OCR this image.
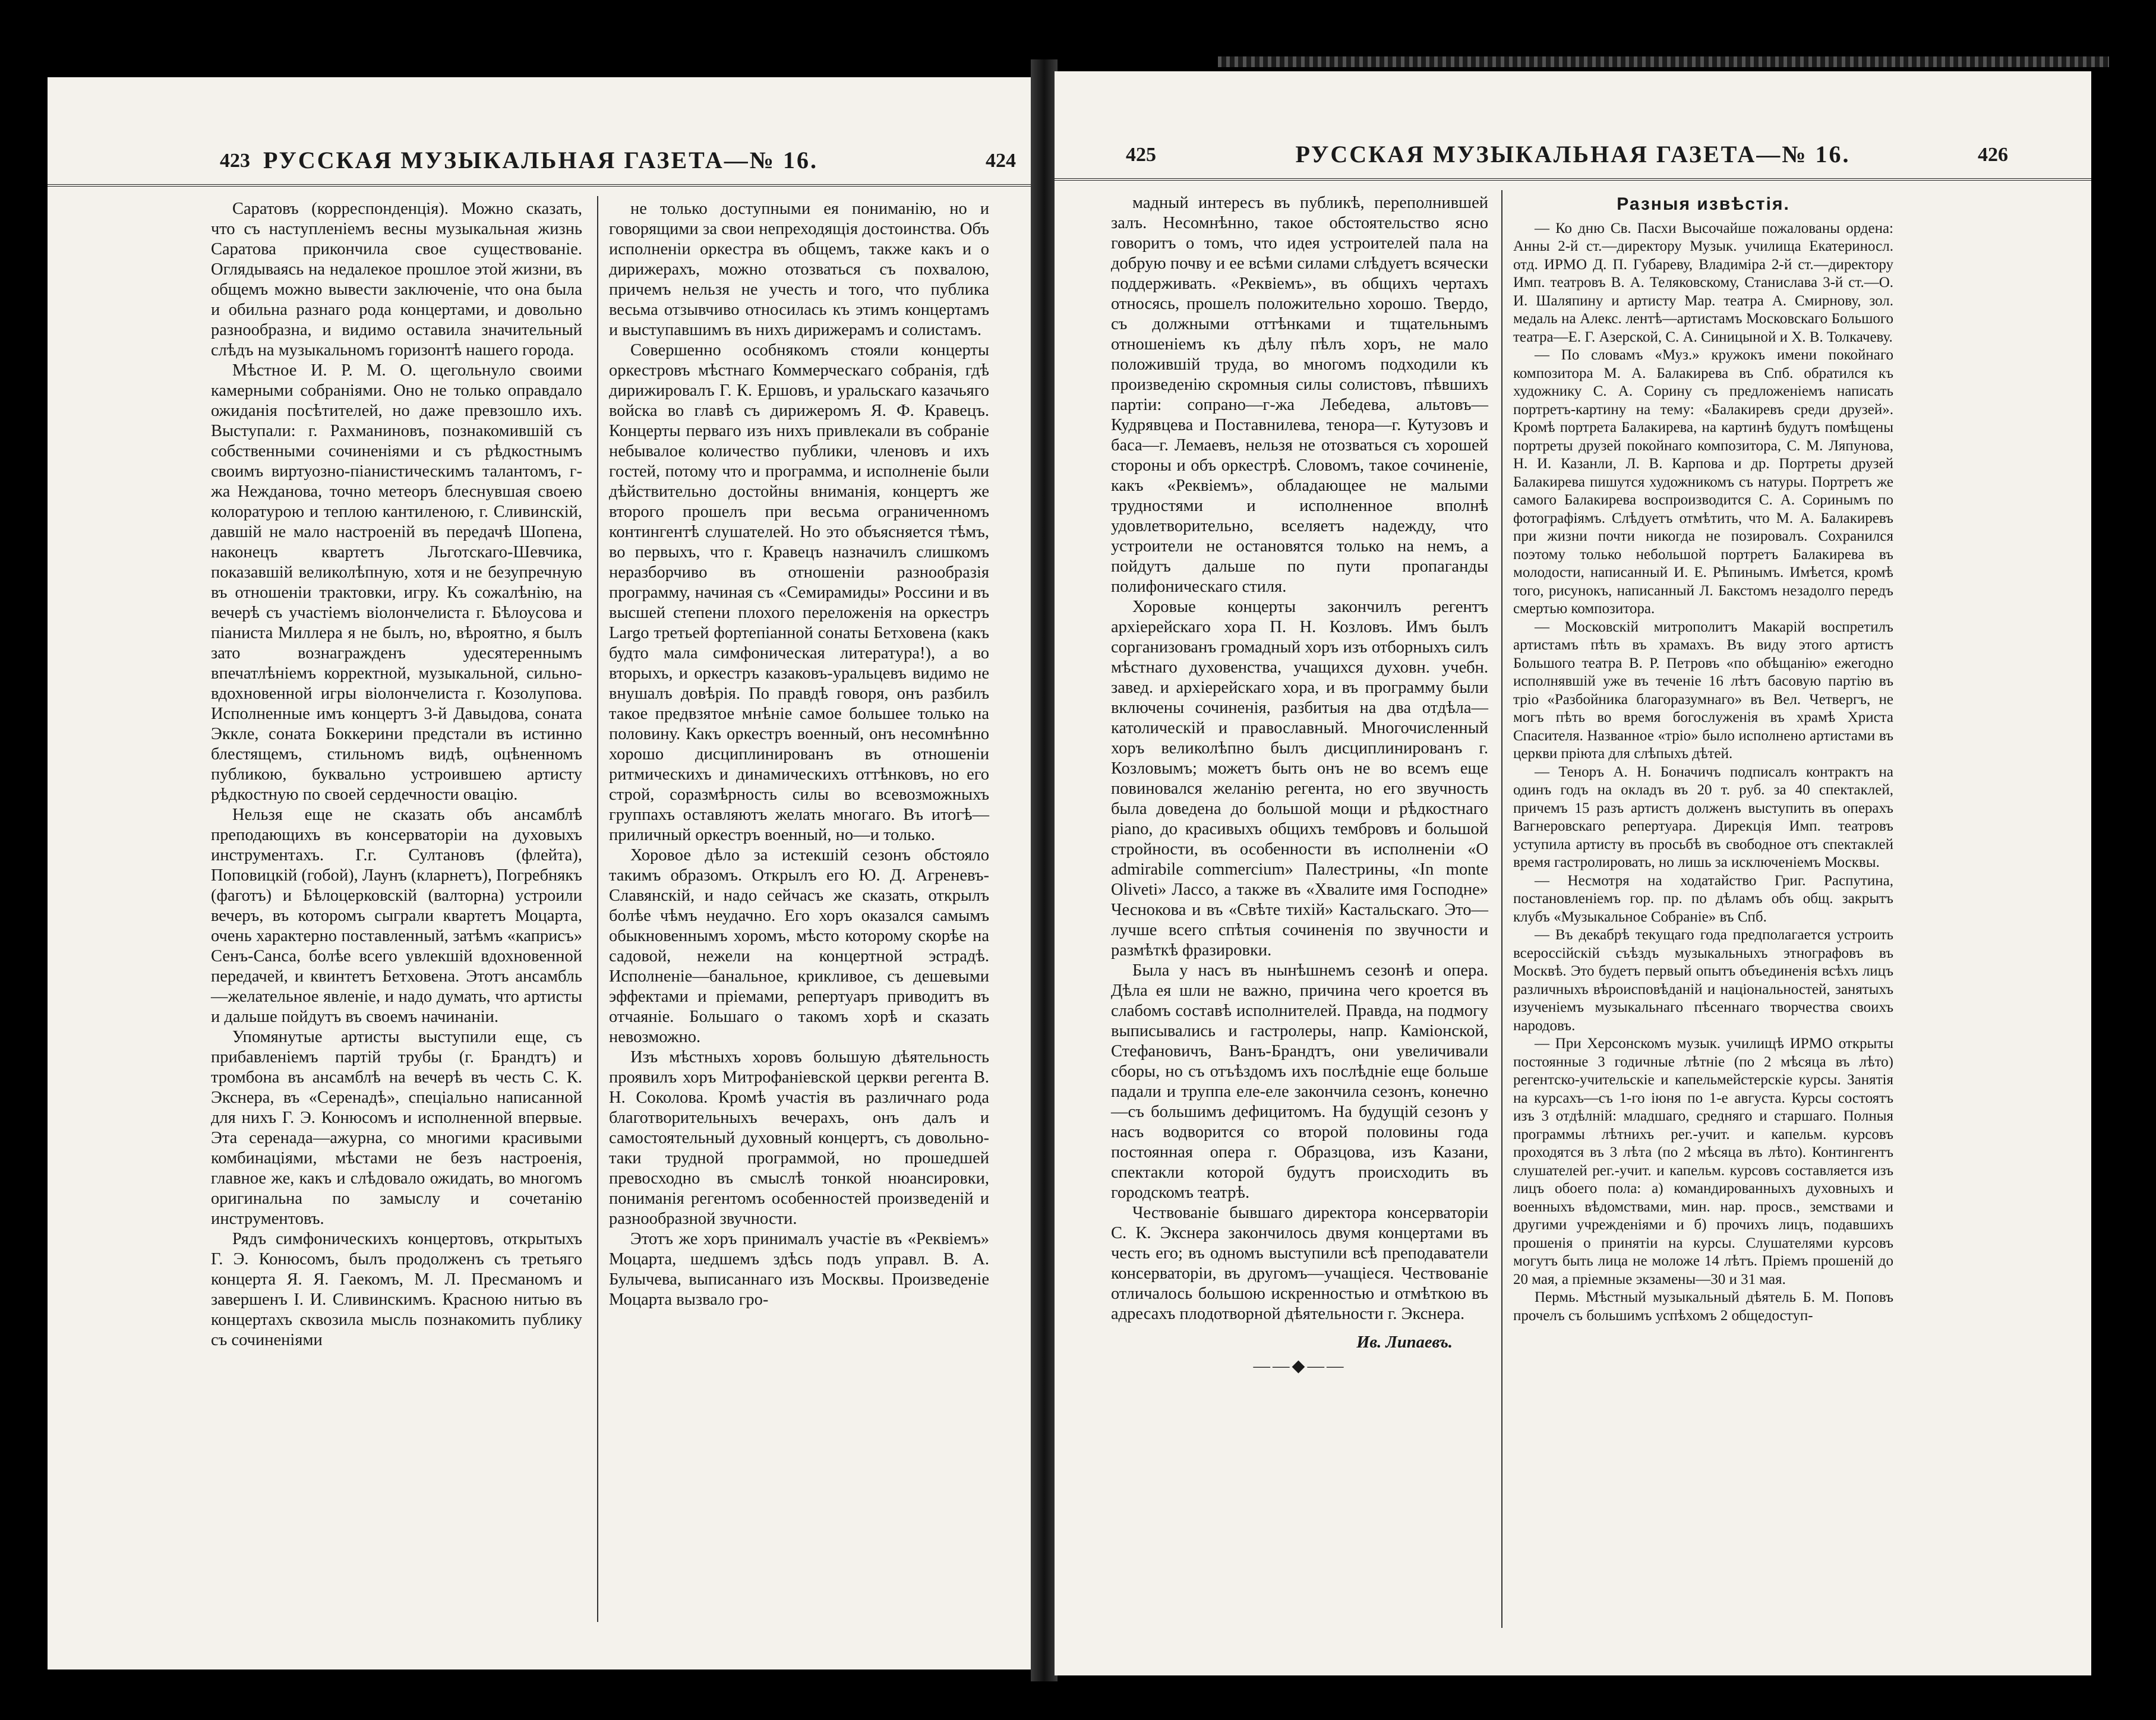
423 РУССКАЯ МУЗЫКАЛЬНАЯ ГАЗЕТА—№ 16.	424

Саратовъ (корреспонденція). Можно сказать, что съ наступленіемъ весны музыкальная жизнь Саратова прикончила свое существованіе. Оглядываясь на недалекое прошлое этой жизни, въ общемъ можно вывести заключеніе, что она была и обильна разнаго рода концертами, и довольно разнообразна, и видимо оставила значительный слѣдъ на музыкальномъ горизонтѣ нашего города.

Мѣстное И. Р. М. О. щегольнуло своими камерными собраніями. Оно не только оправдало ожиданія посѣтителей, но даже превзошло ихъ. Выступали: г. Рахманиновъ, познакомившій съ собственными сочиненіями и съ рѣдкостнымъ своимъ виртуозно-піанистическимъ талантомъ, г-жа Нежданова, точно метеоръ блеснувшая своею колоратурою и теплою кантиленою, г. Сливинскій, давшій не мало настроеній въ передачѣ Шопена, наконецъ квартетъ Льготскаго-Шевчика, показавшій великолѣпную, хотя и не безупречную въ отношеніи трактовки, игру. Къ сожалѣнію, на вечерѣ съ участіемъ віолончелиста г. Бѣлоусова и піаниста Миллера я не былъ, но, вѣроятно, я былъ зато вознагражденъ удесятереннымъ впечатлѣніемъ корректной, музыкальной, сильно-вдохновенной игры віолончелиста г. Козолупова. Исполненные имъ концертъ 3-й Давыдова, соната Эккле, соната Боккерини предстали въ истинно блестящемъ, стильномъ видѣ, оцѣненномъ публикою, буквально устроившею артисту рѣдкостную по своей сердечности овацію.

Нельзя еще не сказать объ ансамблѣ преподающихъ въ консерваторіи на духовыхъ инструментахъ. Г.г. Султановъ (флейта), Поповицкій (гобой), Лаунъ (кларнетъ), Погребнякъ (фаготъ) и Бѣлоцерковскій (валторна) устроили вечеръ, въ которомъ сыграли квартетъ Моцарта, очень характерно поставленный, затѣмъ «каприсъ» Сенъ-Санса, болѣе всего увлекшій вдохновенной передачей, и квинтетъ Бетховена. Этотъ ансамбль—желательное явленіе, и надо думать, что артисты и дальше пойдутъ въ своемъ начинаніи.

Упомянутые артисты выступили еще, съ прибавленіемъ партій трубы (г. Брандтъ) и тромбона въ ансамблѣ на вечерѣ въ честь С. К. Экснера, въ «Серенадѣ», спеціально написанной для нихъ Г. Э. Конюсомъ и исполненной впервые. Эта серенада—ажурна, со многими красивыми комбинаціями, мѣстами не безъ настроенія, главное же, какъ и слѣдовало ожидать, во многомъ оригинальна по замыслу и сочетанію инструментовъ.

Рядъ симфоническихъ концертовъ, открытыхъ Г. Э. Конюсомъ, былъ продолженъ съ третьяго концерта Я. Я. Гаекомъ, М. Л. Пресманомъ и завершенъ І. И. Сливинскимъ. Красною нитью въ концертахъ сквозила мысль познакомить публику съ сочиненіями

не только доступными ея пониманію, но и говорящими за свои непреходящія достоинства. Объ исполненіи оркестра въ общемъ, также какъ и о дирижерахъ, можно отозваться съ похвалою, причемъ нельзя не учесть и того, что публика весьма отзывчиво относилась къ этимъ концертамъ и выступавшимъ въ нихъ дирижерамъ и солистамъ.

Совершенно особнякомъ стояли концерты оркестровъ мѣстнаго Коммерческаго собранія, гдѣ дирижировалъ Г. К. Ершовъ, и уральскаго казачьяго войска во главѣ съ дирижеромъ Я. Ф. Кравецъ. Концерты перваго изъ нихъ привлекали въ собраніе небывалое количество публики, членовъ и ихъ гостей, потому что и программа, и исполненіе были дѣйствительно достойны вниманія, концертъ же второго прошелъ при весьма ограниченномъ контингентѣ слушателей. Но это объясняется тѣмъ, во первыхъ, что г. Кравецъ назначилъ слишкомъ неразборчиво въ отношеніи разнообразія программу, начиная съ «Семирамиды» Россини и въ высшей степени плохого переложенія на оркестръ Largo третьей фортепіанной сонаты Бетховена (какъ будто мала симфоническая литература!), а во вторыхъ, и оркестръ казаковъ-уральцевъ видимо не внушалъ довѣрія. По правдѣ говоря, онъ разбилъ такое предвзятое мнѣніе самое большее только на половину. Какъ оркестръ военный, онъ несомнѣнно хорошо дисциплинированъ въ отношеніи ритмическихъ и динамическихъ оттѣнковъ, но его строй, соразмѣрность силы во всевозможныхъ группахъ оставляютъ желать многаго. Въ итогѣ—приличный оркестръ военный, но—и только.

Хоровое дѣло за истекшій сезонъ обстояло такимъ образомъ. Открылъ его Ю. Д. Агреневъ-Славянскій, и надо сейчасъ же сказать, открылъ болѣе чѣмъ неудачно. Его хоръ оказался самымъ обыкновеннымъ хоромъ, мѣсто которому скорѣе на садовой, нежели на концертной эстрадѣ. Исполненіе—банальное, крикливое, съ дешевыми эффектами и пріемами, репертуаръ приводитъ въ отчаяніе. Большаго о такомъ хорѣ и сказать невозможно.

Изъ мѣстныхъ хоровъ большую дѣятельность проявилъ хоръ Митрофаніевской церкви регента В. Н. Соколова. Кромѣ участія въ различнаго рода благотворительныхъ вечерахъ, онъ далъ и самостоятельный духовный концертъ, съ довольно-таки трудной программой, но прошедшей превосходно въ смыслѣ тонкой нюансировки, пониманія регентомъ особенностей произведеній и разнообразной звучности.

Этотъ же хоръ принималъ участіе въ «Реквіемъ» Моцарта, шедшемъ здѣсь подъ управл. В. А. Булычева, выписаннаго изъ Москвы. Произведеніе Моцарта вызвало гро-

425	РУССКАЯ МУЗЫКАЛЬНАЯ ГАЗЕТА—№ 16.	426

мадный интересъ въ публикѣ, переполнившей залъ. Несомнѣнно, такое обстоятельство ясно говоритъ о томъ, что идея устроителей пала на добрую почву и ее всѣми силами слѣдуетъ всячески поддерживать. «Реквіемъ», въ общихъ чертахъ относясь, прошелъ положительно хорошо. Твердо, съ должными оттѣнками и тщательнымъ отношеніемъ къ дѣлу пѣлъ хоръ, не мало положившій труда, во многомъ подходили къ произведенію скромныя силы солистовъ, пѣвшихъ партіи: сопрано—г-жа Лебедева, альтовъ—Кудрявцева и Поставнилева, тенора—г. Кутузовъ и баса—г. Лемаевъ, нельзя не отозваться съ хорошей стороны и объ оркестрѣ. Словомъ, такое сочиненіе, какъ «Реквіемъ», обладающее не малыми трудностями и исполненное вполнѣ удовлетворительно, вселяетъ надежду, что устроители не остановятся только на немъ, а пойдутъ дальше по пути пропаганды полифоническаго стиля.

Хоровые концерты закончилъ регентъ архіерейскаго хора П. Н. Козловъ. Имъ былъ сорганизованъ громадный хоръ изъ отборныхъ силъ мѣстнаго духовенства, учащихся духовн. учебн. завед. и архіерейскаго хора, и въ программу были включены сочиненія, разбитыя на два отдѣла—католическій и православный. Многочисленный хоръ великолѣпно былъ дисциплинированъ г. Козловымъ; можетъ быть онъ не во всемъ еще повиновался желанію регента, но его звучность была доведена до большой мощи и рѣдкостнаго piano, до красивыхъ общихъ тембровъ и большой стройности, въ особенности въ исполненіи «O admirabile commercium» Палестрины, «In monte Oliveti» Лассо, а также въ «Хвалите имя Господне» Чеснокова и въ «Свѣте тихій» Кастальскаго. Это—лучше всего спѣтыя сочиненія по звучности и размѣткѣ фразировки.

Была у насъ въ нынѣшнемъ сезонѣ и опера. Дѣла ея шли не важно, причина чего кроется въ слабомъ составѣ исполнителей. Правда, на подмогу выписывались и гастролеры, напр. Каміонской, Стефановичъ, Ванъ-Брандтъ, они увеличивали сборы, но съ отъѣздомъ ихъ послѣдніе еще больше падали и труппа еле-еле закончила сезонъ, конечно—съ большимъ дефицитомъ. На будущій сезонъ у насъ водворится со второй половины года постоянная опера г. Образцова, изъ Казани, спектакли которой будутъ происходить въ городскомъ театрѣ.

Чествованіе бывшаго директора консерваторіи С. К. Экснера закончилось двумя концертами въ честь его; въ одномъ выступили всѣ преподаватели консерваторіи, въ другомъ—учащіеся. Чествованіе отличалось большою искренностью и отмѣткою въ адресахъ плодотворной дѣятельности г. Экснера.

Ив. Липаевъ.
——◆——
Разныя извѣстія.

— Ко дню Св. Пасхи Высочайше пожалованы ордена: Анны 2-й ст.—директору Музык. училища Екатериносл. отд. ИРМО Д. П. Губареву, Владиміра 2-й ст.—директору Имп. театровъ В. А. Теляковскому, Станислава 3-й ст.—О. И. Шаляпину и артисту Мар. театра А. Смирнову, зол. медаль на Алекс. лентѣ—артистамъ Московскаго Большого театра—Е. Г. Азерской, С. А. Синицыной и Х. В. Толкачеву.

— По словамъ «Муз.» кружокъ имени покойнаго композитора М. А. Балакирева въ Спб. обратился къ художнику С. А. Сорину съ предложеніемъ написать портретъ-картину на тему: «Балакиревъ среди друзей». Кромѣ портрета Балакирева, на картинѣ будутъ помѣщены портреты друзей покойнаго композитора, С. М. Ляпунова, Н. И. Казанли, Л. В. Карпова и др. Портреты друзей Балакирева пишутся художникомъ съ натуры. Портретъ же самого Балакирева воспроизводится С. А. Соринымъ по фотографіямъ. Слѣдуетъ отмѣтить, что М. А. Балакиревъ при жизни почти никогда не позировалъ. Сохранился поэтому только небольшой портретъ Балакирева въ молодости, написанный И. Е. Рѣпинымъ. Имѣется, кромѣ того, рисунокъ, написанный Л. Бакстомъ незадолго передъ смертью композитора.

— Московскій митрополитъ Макарій воспретилъ артистамъ пѣть въ храмахъ. Въ виду этого артистъ Большого театра В. Р. Петровъ «по обѣщанію» ежегодно исполнявшій уже въ теченіе 16 лѣтъ басовую партію въ тріо «Разбойника благоразумнаго» въ Вел. Четвергъ, не могъ пѣть во время богослуженія въ храмѣ Христа Спасителя. Названное «тріо» было исполнено артистами въ церкви пріюта для слѣпыхъ дѣтей.

— Теноръ А. Н. Боначичъ подписалъ контрактъ на одинъ годъ на окладъ въ 20 т. руб. за 40 спектаклей, причемъ 15 разъ артистъ долженъ выступить въ операхъ Вагнеровскаго репертуара. Дирекція Имп. театровъ уступила артисту въ просьбѣ въ свободное отъ спектаклей время гастролировать, но лишь за исключеніемъ Москвы.

— Несмотря на ходатайство Григ. Распутина, постановленіемъ гор. пр. по дѣламъ объ общ. закрытъ клубъ «Музыкальное Собраніе» въ Спб.

— Въ декабрѣ текущаго года предполагается устроить всероссійскій съѣздъ музыкальныхъ этнографовъ въ Москвѣ. Это будетъ первый опытъ объединенія всѣхъ лицъ различныхъ вѣроисповѣданій и національностей, занятыхъ изученіемъ музыкальнаго пѣсеннаго творчества своихъ народовъ.

— При Херсонскомъ музык. училищѣ ИРМО открыты постоянные 3 годичные лѣтніе (по 2 мѣсяца въ лѣто) регентско-учительскіе и капельмейстерскіе курсы. Занятія на курсахъ—съ 1-го іюня по 1-е августа. Курсы состоятъ изъ 3 отдѣлній: младшаго, средняго и старшаго. Полныя программы лѣтнихъ рег.-учит. и капельм. курсовъ проходятся въ 3 лѣта (по 2 мѣсяца въ лѣто). Контингентъ слушателей рег.-учит. и капельм. курсовъ составляется изъ лицъ обоего пола: а) командированныхъ духовныхъ и военныхъ вѣдомствами, мин. нар. просв., земствами и другими учрежденіями и б) прочихъ лицъ, подавшихъ прошенія о принятіи на курсы. Слушателями курсовъ могутъ быть лица не моложе 14 лѣтъ. Пріемъ прошеній до 20 мая, а пріемные экзамены—30 и 31 мая.

Пермь. Мѣстный музыкальный дѣятель Б. М. Поповъ прочелъ съ большимъ успѣхомъ 2 общедоступ-
